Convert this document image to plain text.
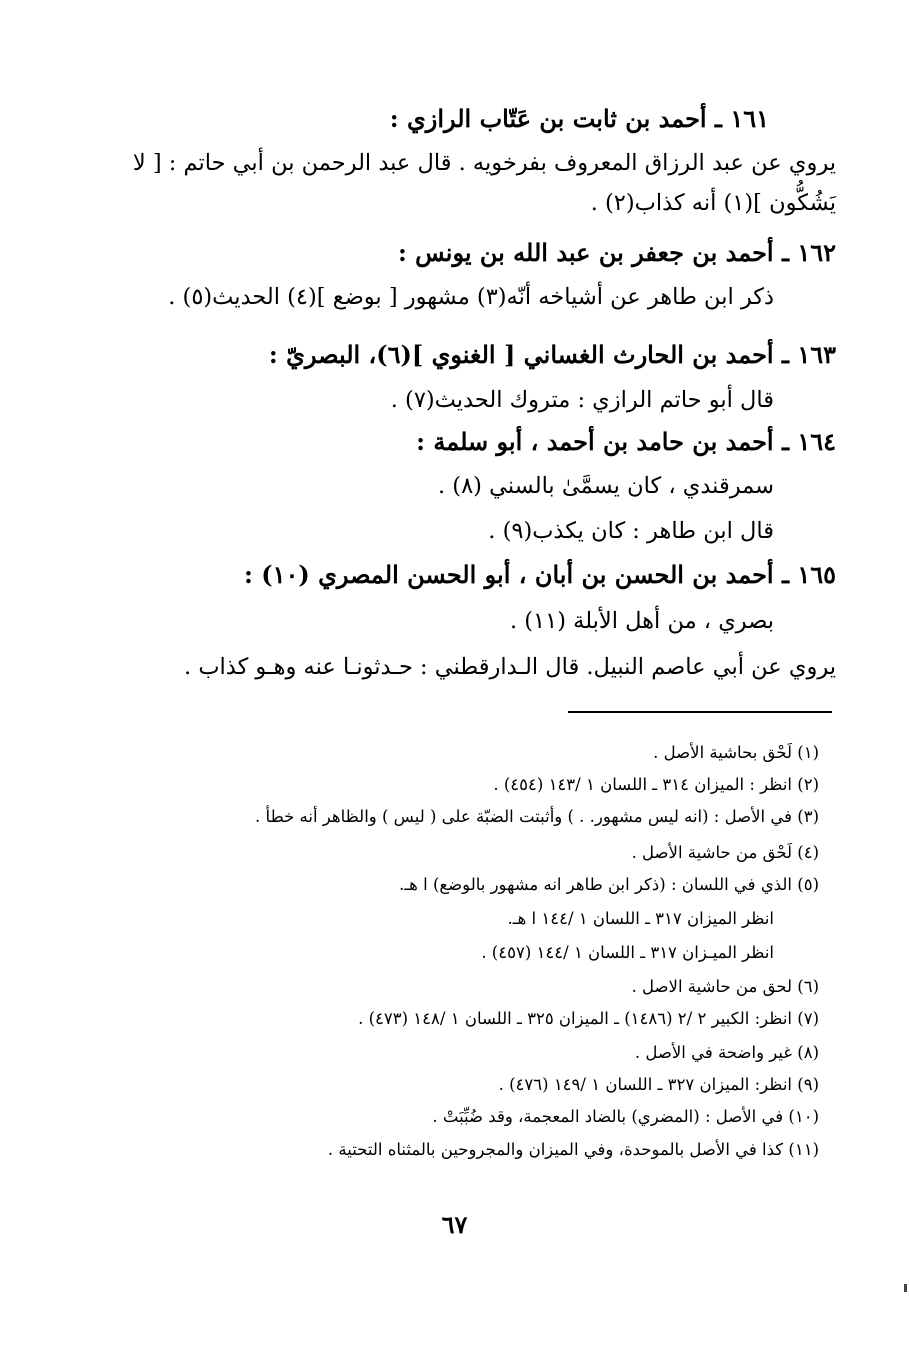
١٦١ ـ أحمد بن ثابت بن عَتّاب الرازي :
يروي عن عبد الرزاق المعروف بفرخويه . قال عبد الرحمن بن أبي حاتم : [ لا
يَشُكُّون ](١) أنه كذاب(٢) .
١٦٢ ـ أحمد بن جعفر بن عبد الله بن يونس :
ذكر ابن طاهر عن أشياخه أنّه(٣) مشهور [ بوضع ](٤) الحديث(٥) .
١٦٣ ـ أحمد بن الحارث الغساني [ الغنوي ](٦)، البصريّ :
قال أبو حاتم الرازي : متروك الحديث(٧) .
١٦٤ ـ أحمد بن حامد بن أحمد ، أبو سلمة :
سمرقندي ، كان يسمَّىٰ بالسني (٨) .
قال ابن طاهر : كان يكذب(٩) .
١٦٥ ـ أحمد بن الحسن بن أبان ، أبو الحسن المصري (١٠) :
بصري ، من أهل الأبلة (١١) .
يروي عن أبي عاصم النبيل. قال الـدارقطني : حـدثونـا عنه وهـو كذاب .
(١) لَحْق بحاشية الأصل .
(٢) انظر : الميزان ٣١٤ ـ اللسان ١ /١٤٣ (٤٥٤) .
(٣) في الأصل : (انه ليس مشهور. . ) وأثبتت الضبّة على ( ليس ) والظاهر أنه خطأ .
(٤) لَحْق من حاشية الأصل .
(٥) الذي في اللسان : (ذكر ابن طاهر انه مشهور بالوضع) ا هـ.
انظر الميزان ٣١٧ ـ اللسان ١ /١٤٤ ا هـ.
انظر الميـزان ٣١٧ ـ اللسان ١ /١٤٤ (٤٥٧) .
(٦) لحق من حاشية الاصل .
(٧) انظر: الكبير ٢ /٢ (١٤٨٦) ـ الميزان ٣٢٥ ـ اللسان ١ /١٤٨ (٤٧٣) .
(٨) غير واضحة في الأصل .
(٩) انظر: الميزان ٣٢٧ ـ اللسان ١ /١٤٩ (٤٧٦) .
(١٠) في الأصل : (المضري) بالضاد المعجمة، وقد ضُبِّبَتْ .
(١١) كذا في الأصل بالموحدة، وفي الميزان والمجروحين بالمثناه التحتية .
٦٧
